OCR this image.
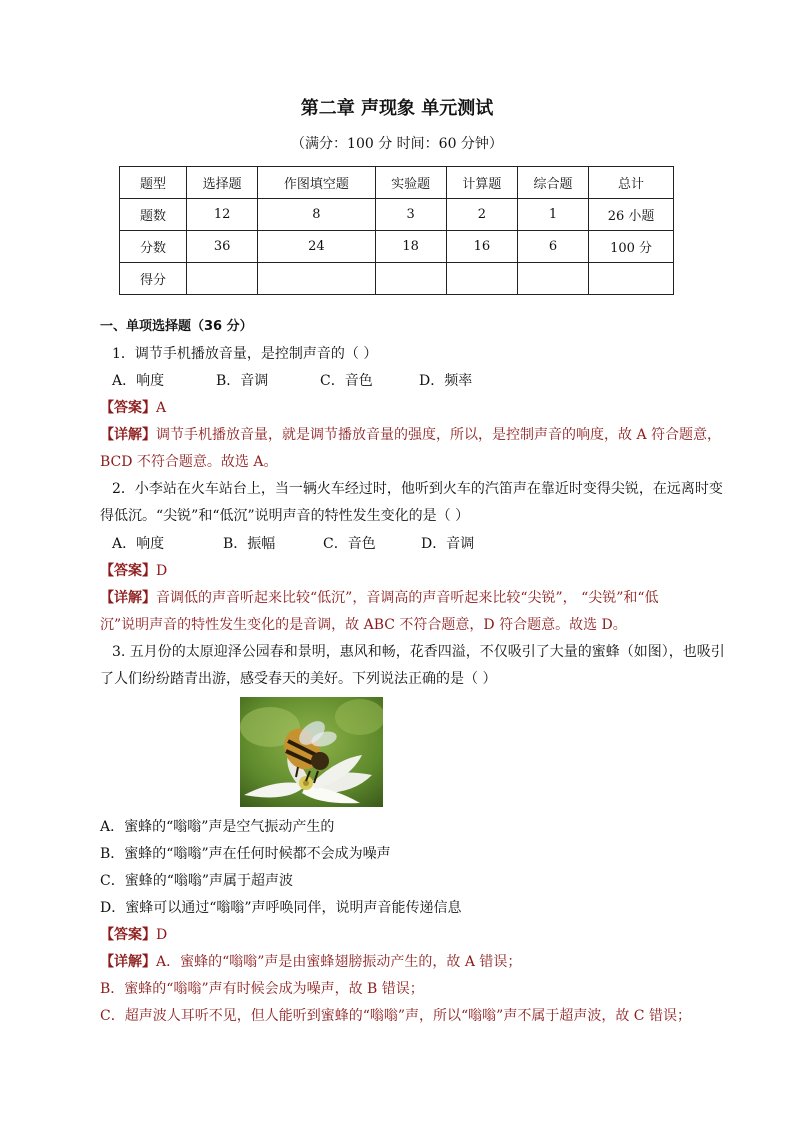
第二章 声现象 单元测试
（满分：100 分 时间：60 分钟）
题型	选择题	作图填空题	实验题	计算题	综合题	总计
题数	12	8	3	2	1	26 小题
分数	36	24	18	16	6	100 分
得分						
一、单项选择题（36 分）
1．调节手机播放音量，是控制声音的（ ）
A．响度	B．音调	C．音色	D．频率
【答案】A
【详解】调节手机播放音量，就是调节播放音量的强度，所以，是控制声音的响度，故 A 符合题意，
BCD 不符合题意。故选 A。
2．小李站在火车站台上，当一辆火车经过时，他听到火车的汽笛声在靠近时变得尖锐，在远离时变
得低沉。“尖锐”和“低沉”说明声音的特性发生变化的是（ ）
A．响度	B．振幅	C．音色	D．音调
【答案】D
【详解】音调低的声音听起来比较“低沉”，音调高的声音听起来比较“尖锐”， “尖锐”和“低
沉”说明声音的特性发生变化的是音调，故 ABC 不符合题意，D 符合题意。故选 D。
3. 五月份的太原迎泽公园春和景明，惠风和畅，花香四溢，不仅吸引了大量的蜜蜂（如图），也吸引
了人们纷纷踏青出游，感受春天的美好。下列说法正确的是（ ）
A．蜜蜂的“嗡嗡”声是空气振动产生的
B．蜜蜂的“嗡嗡”声在任何时候都不会成为噪声
C．蜜蜂的“嗡嗡”声属于超声波
D．蜜蜂可以通过“嗡嗡”声呼唤同伴，说明声音能传递信息
【答案】D
【详解】A．蜜蜂的“嗡嗡”声是由蜜蜂翅膀振动产生的，故 A 错误；
B．蜜蜂的“嗡嗡”声有时候会成为噪声，故 B 错误；
C．超声波人耳听不见，但人能听到蜜蜂的“嗡嗡”声，所以“嗡嗡”声不属于超声波，故 C 错误；
